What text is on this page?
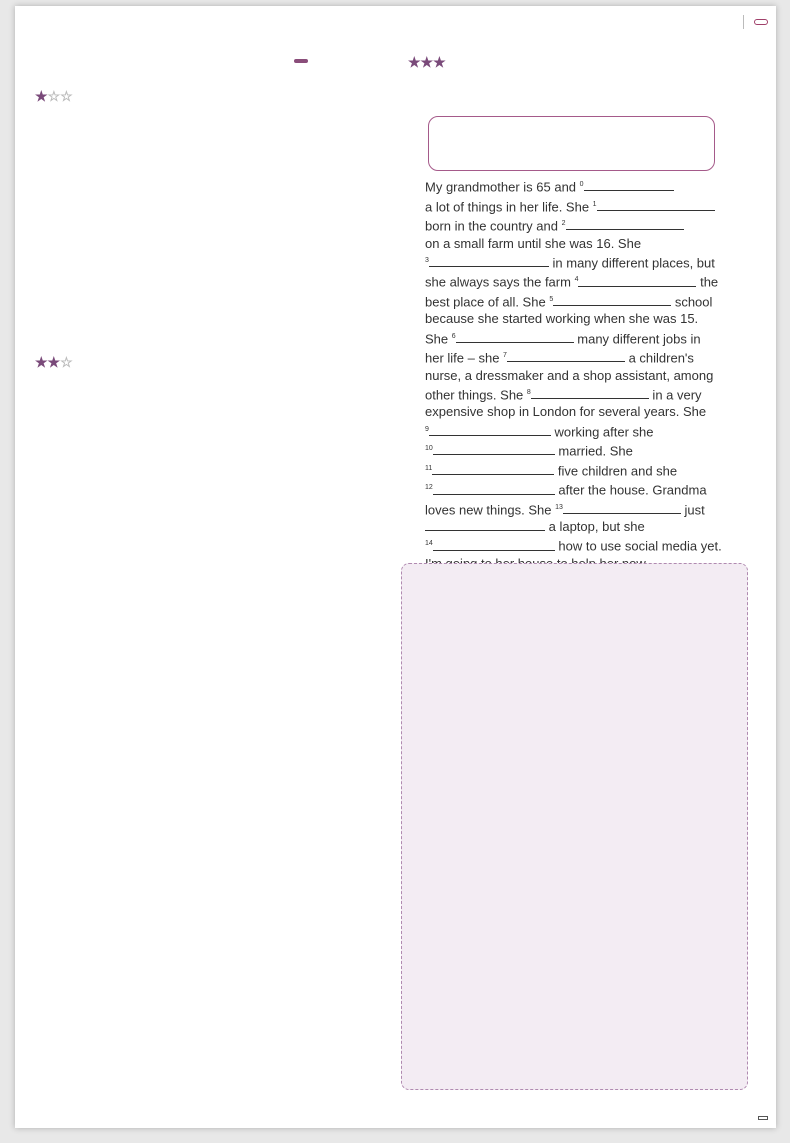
★☆☆
★★☆

★★★

My grandmother is 65 and $^0$
a lot of things in her life. She $^1$
born in the country and $^2$
on a small farm until she was 16. She
$^3$	in many different places, but
she always says the farm $^4$	the
best place of all. She $^5$	school
because she started working when she was 15.
She $^6$	many different jobs in
her life – she $^7$	a children's
nurse, a dressmaker and a shop assistant, among
other things. She $^8$	in a very
expensive shop in London for several years. She
$^9$	working after she
$^{10}$	married. She
$^{11}$	five children and she
$^{12}$	after the house. Grandma
loves new things. She $^{13}$	just
a laptop, but she
$^{14}$	how to use social media yet.
